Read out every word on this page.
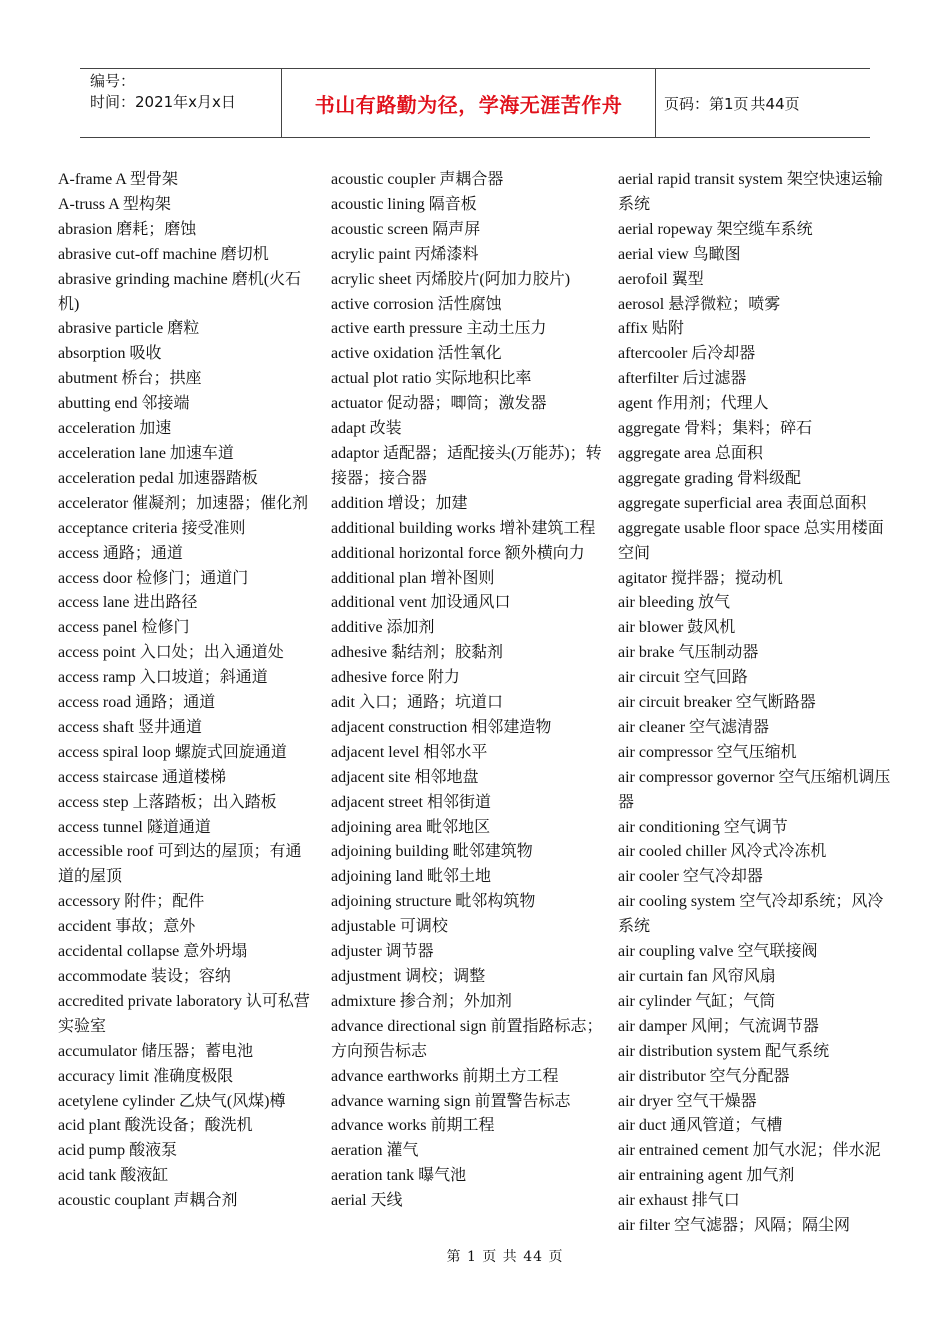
编号：
时间：2021年x月x日	书山有路勤为径，学海无涯苦作舟	页码：第1页 共44页

A-frame A 型骨架

A-truss A 型构架

abrasion 磨耗；磨蚀

abrasive cut-off machine 磨切机

abrasive grinding machine 磨机(火石机)

abrasive particle 磨粒

absorption 吸收

abutment 桥台；拱座

abutting end 邻接端

acceleration 加速

acceleration lane 加速车道

acceleration pedal 加速器踏板

accelerator 催凝剂；加速器；催化剂

acceptance criteria 接受准则

access 通路；通道

access door 检修门；通道门

access lane 进出路径

access panel 检修门

access point 入口处；出入通道处

access ramp 入口坡道；斜通道

access road 通路；通道

access shaft 竖井通道

access spiral loop 螺旋式回旋通道

access staircase 通道楼梯

access step 上落踏板；出入踏板

access tunnel 隧道通道

accessible roof 可到达的屋顶；有通道的屋顶

accessory 附件；配件

accident 事故；意外

accidental collapse 意外坍塌

accommodate 装设；容纳

accredited private laboratory 认可私营实验室

accumulator 储压器；蓄电池

accuracy limit 准确度极限

acetylene cylinder 乙炔气(风煤)樽

acid plant 酸洗设备；酸洗机

acid pump 酸液泵

acid tank 酸液缸

acoustic couplant 声耦合剂

acoustic coupler 声耦合器

acoustic lining 隔音板

acoustic screen 隔声屏

acrylic paint 丙烯漆料

acrylic sheet 丙烯胶片(阿加力胶片)

active corrosion 活性腐蚀

active earth pressure 主动土压力

active oxidation 活性氧化

actual plot ratio 实际地积比率

actuator 促动器；唧筒；激发器

adapt 改装

adaptor 适配器；适配接头(万能苏)；转接器；接合器

addition 增设；加建

additional building works 增补建筑工程

additional horizontal force 额外横向力

additional plan 增补图则

additional vent 加设通风口

additive 添加剂

adhesive 黏结剂；胶黏剂

adhesive force 附力

adit 入口；通路；坑道口

adjacent construction 相邻建造物

adjacent level 相邻水平

adjacent site 相邻地盘

adjacent street 相邻街道

adjoining area 毗邻地区

adjoining building 毗邻建筑物

adjoining land 毗邻土地

adjoining structure 毗邻构筑物

adjustable 可调校

adjuster 调节器

adjustment 调校；调整

admixture 掺合剂；外加剂

advance directional sign 前置指路标志；方向预告标志

advance earthworks 前期土方工程

advance warning sign 前置警告标志

advance works 前期工程

aeration 灌气

aeration tank 曝气池

aerial 天线

aerial rapid transit system 架空快速运输系统

aerial ropeway 架空缆车系统

aerial view 鸟瞰图

aerofoil 翼型

aerosol 悬浮微粒；喷雾

affix 贴附

aftercooler 后冷却器

afterfilter 后过滤器

agent 作用剂；代理人

aggregate 骨料；集料；碎石

aggregate area 总面积

aggregate grading 骨料级配

aggregate superficial area 表面总面积

aggregate usable floor space 总实用楼面空间

agitator 搅拌器；搅动机

air bleeding 放气

air blower 鼓风机

air brake 气压制动器

air circuit 空气回路

air circuit breaker 空气断路器

air cleaner 空气滤清器

air compressor 空气压缩机

air compressor governor 空气压缩机调压器

air conditioning 空气调节

air cooled chiller 风冷式冷冻机

air cooler 空气冷却器

air cooling system 空气冷却系统；风冷系统

air coupling valve 空气联接阀

air curtain fan 风帘风扇

air cylinder 气缸；气筒

air damper 风闸；气流调节器

air distribution system 配气系统

air distributor 空气分配器

air dryer 空气干燥器

air duct 通风管道；气槽

air entrained cement 加气水泥；伴水泥

air entraining agent 加气剂

air exhaust 排气口

air filter 空气滤器；风隔；隔尘网

第 1 页 共 44 页
